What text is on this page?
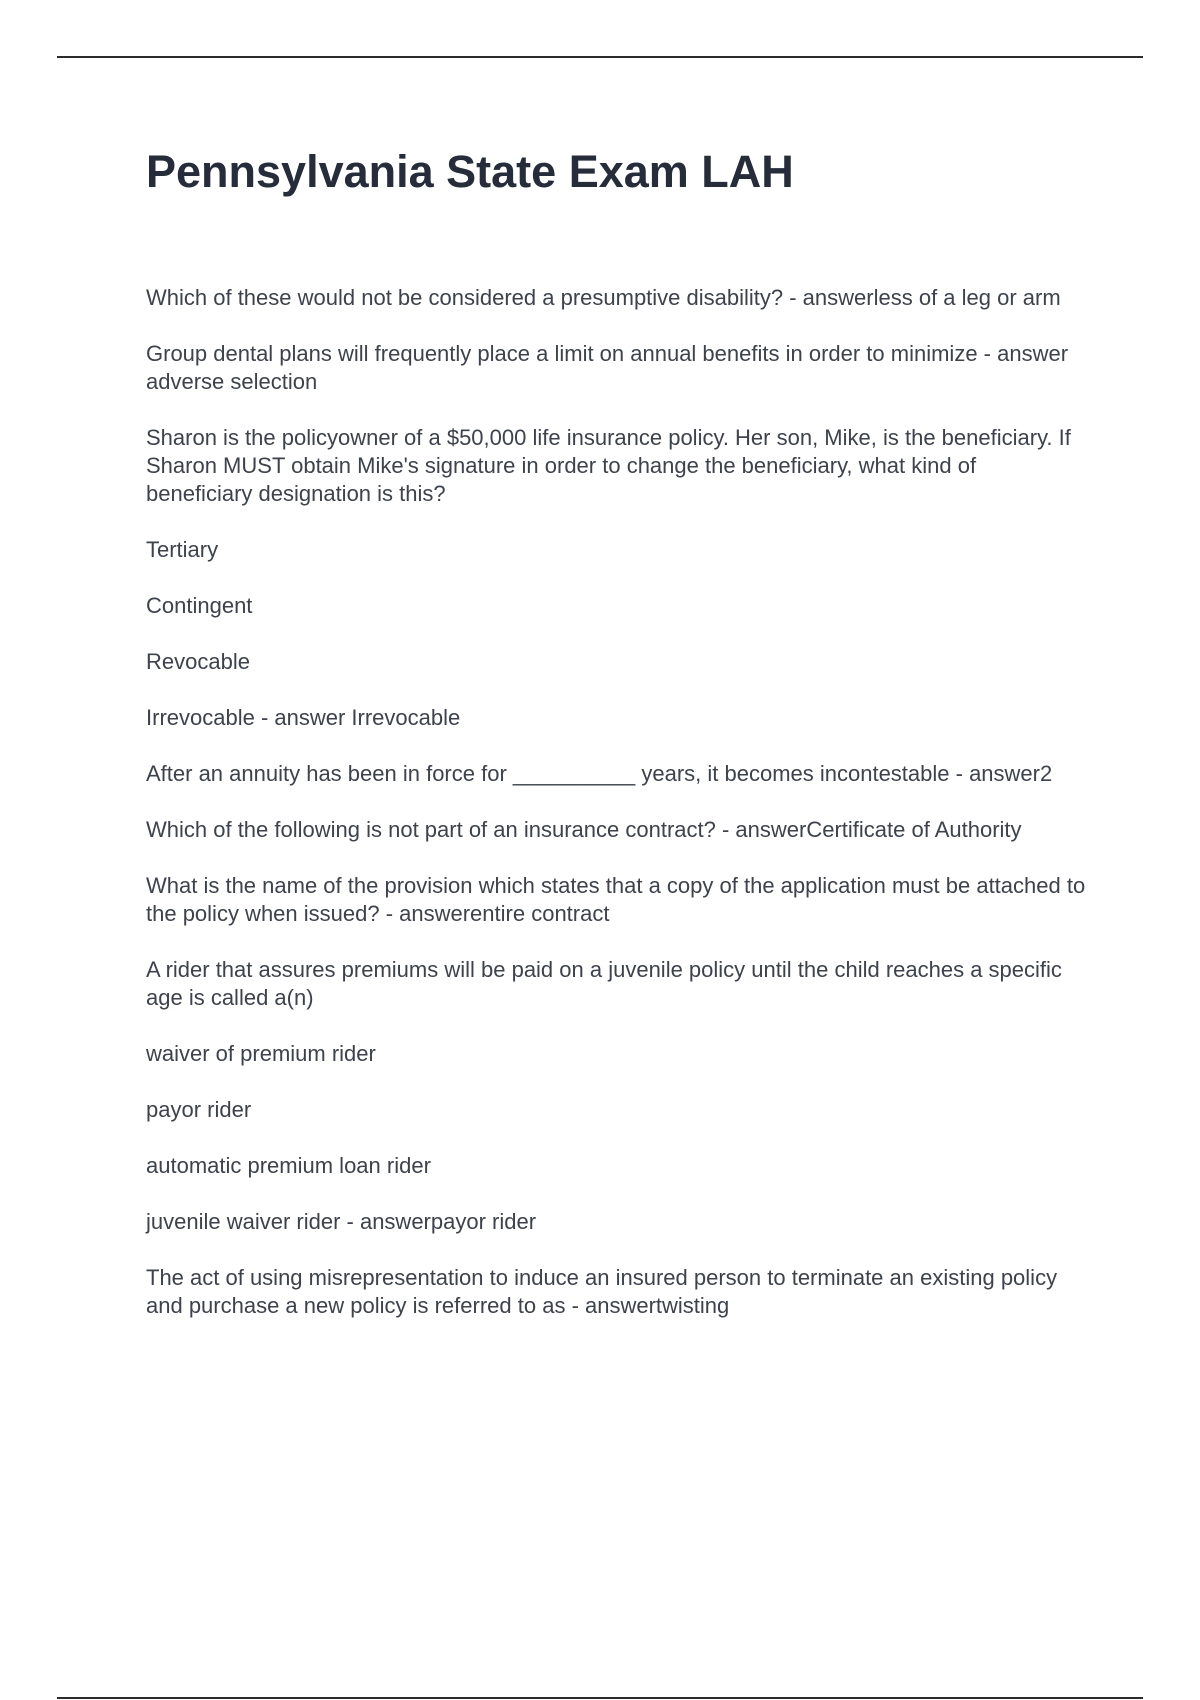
Pennsylvania State Exam LAH

Which of these would not be considered a presumptive disability? - answerless of a leg or arm

Group dental plans will frequently place a limit on annual benefits in order to minimize - answer adverse selection

Sharon is the policyowner of a $50,000 life insurance policy. Her son, Mike, is the beneficiary. If Sharon MUST obtain Mike's signature in order to change the beneficiary, what kind of beneficiary designation is this?

Tertiary

Contingent

Revocable

Irrevocable - answer Irrevocable

After an annuity has been in force for __________ years, it becomes incontestable - answer2

Which of the following is not part of an insurance contract? - answerCertificate of Authority

What is the name of the provision which states that a copy of the application must be attached to the policy when issued? - answerentire contract

A rider that assures premiums will be paid on a juvenile policy until the child reaches a specific age is called a(n)

waiver of premium rider

payor rider

automatic premium loan rider

juvenile waiver rider - answerpayor rider

The act of using misrepresentation to induce an insured person to terminate an existing policy and purchase a new policy is referred to as - answertwisting
